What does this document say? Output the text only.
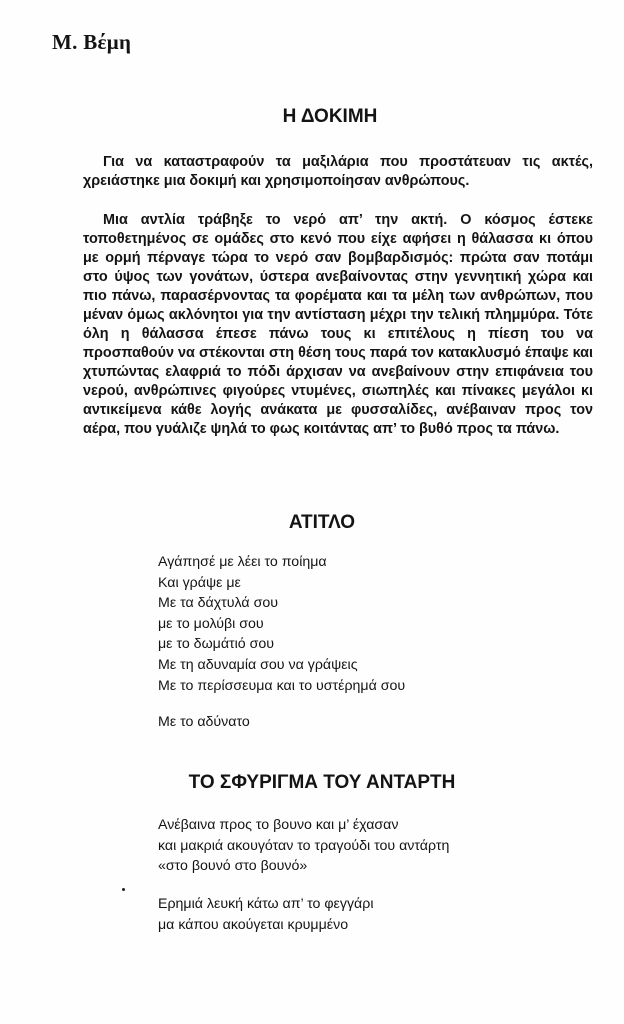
Μ. Βέμη
Η ΔΟΚΙΜΗ

Για να καταστραφούν τα μαξιλάρια που προστάτευαν τις ακτές, χρειάστηκε μια δοκιμή και χρησιμοποίησαν ανθρώπους.

Μια αντλία τράβηξε το νερό απ’ την ακτή. Ο κόσμος έστεκε τοποθετημένος σε ομάδες στο κενό που είχε αφήσει η θάλασσα κι όπου με ορμή πέρναγε τώρα το νερό σαν βομβαρδισμός: πρώτα σαν ποτάμι στο ύψος των γονάτων, ύστερα ανεβαίνοντας στην γεννητική χώρα και πιο πάνω, παρασέρνοντας τα φορέματα και τα μέλη των ανθρώπων, που μέναν όμως ακλόνητοι για την αντίσταση μέχρι την τελική πλημμύρα. Τότε όλη η θάλασσα έπεσε πάνω τους κι επιτέλους η πίεση του να προσπαθούν να στέκονται στη θέση τους παρά τον κατακλυσμό έπαψε και χτυπώντας ελαφριά το πόδι άρχισαν να ανεβαίνουν στην επιφάνεια του νερού, ανθρώπινες φιγούρες ντυμένες, σιωπηλές και πίνακες μεγάλοι κι αντικείμενα κάθε λογής ανάκατα με φυσσαλίδες, ανέβαιναν προς τον αέρα, που γυάλιζε ψηλά το φως κοιτάντας απ’ το βυθό προς τα πάνω.

ΑΤΙΤΛΟ
Αγάπησέ με λέει το ποίημα
Και γράψε με
Με τα δάχτυλά σου
με το μολύβι σου
με το δωμάτιό σου
Με τη αδυναμία σου να γράψεις
Με το περίσσευμα και το υστέρημά σου
Με το αδύνατο
ΤΟ ΣΦΥΡΙΓΜΑ ΤΟΥ ΑΝΤΑΡΤΗ
Ανέβαινα προς το βουνο και μ’ έχασαν
και μακριά ακουγόταν το τραγούδι του αντάρτη
«στο βουνό στο βουνό»
Ερημιά λευκή κάτω απ’ το φεγγάρι
μα κάπου ακούγεται κρυμμένο
